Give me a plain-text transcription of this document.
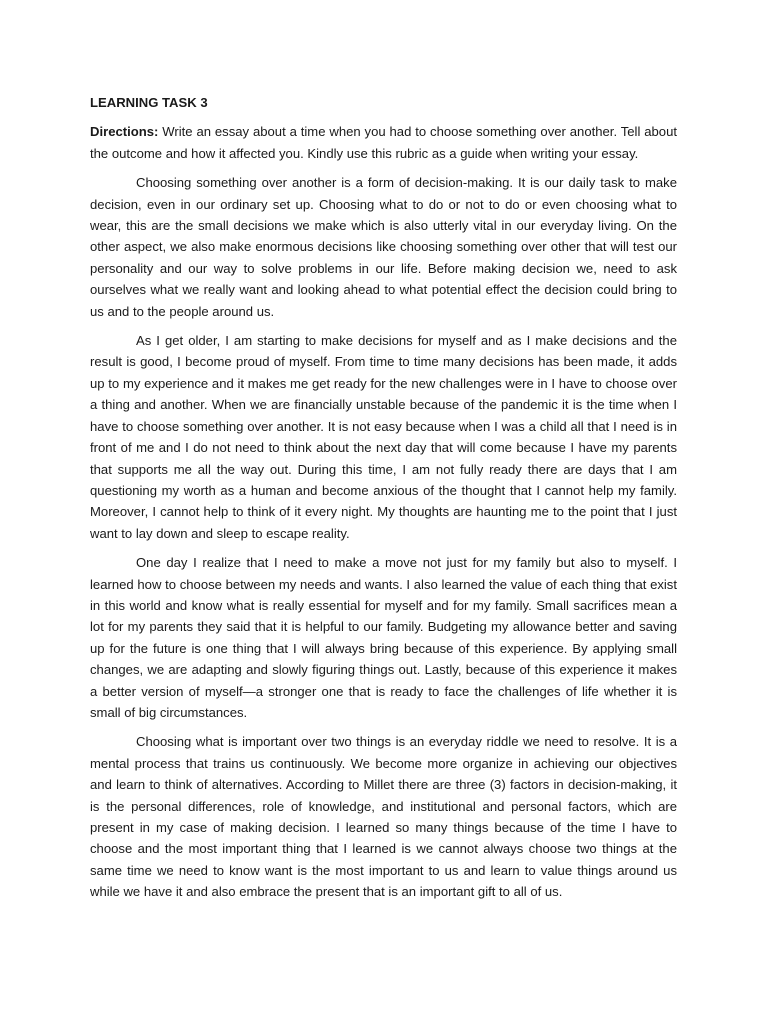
LEARNING TASK 3

Directions: Write an essay about a time when you had to choose something over another. Tell about the outcome and how it affected you. Kindly use this rubric as a guide when writing your essay.

Choosing something over another is a form of decision-making. It is our daily task to make decision, even in our ordinary set up. Choosing what to do or not to do or even choosing what to wear, this are the small decisions we make which is also utterly vital in our everyday living. On the other aspect, we also make enormous decisions like choosing something over other that will test our personality and our way to solve problems in our life. Before making decision we, need to ask ourselves what we really want and looking ahead to what potential effect the decision could bring to us and to the people around us.

As I get older, I am starting to make decisions for myself and as I make decisions and the result is good, I become proud of myself. From time to time many decisions has been made, it adds up to my experience and it makes me get ready for the new challenges were in I have to choose over a thing and another. When we are financially unstable because of the pandemic it is the time when I have to choose something over another. It is not easy because when I was a child all that I need is in front of me and I do not need to think about the next day that will come because I have my parents that supports me all the way out. During this time, I am not fully ready there are days that I am questioning my worth as a human and become anxious of the thought that I cannot help my family. Moreover, I cannot help to think of it every night. My thoughts are haunting me to the point that I just want to lay down and sleep to escape reality.

One day I realize that I need to make a move not just for my family but also to myself. I learned how to choose between my needs and wants. I also learned the value of each thing that exist in this world and know what is really essential for myself and for my family. Small sacrifices mean a lot for my parents they said that it is helpful to our family. Budgeting my allowance better and saving up for the future is one thing that I will always bring because of this experience. By applying small changes, we are adapting and slowly figuring things out. Lastly, because of this experience it makes a better version of myself—a stronger one that is ready to face the challenges of life whether it is small of big circumstances.

Choosing what is important over two things is an everyday riddle we need to resolve. It is a mental process that trains us continuously. We become more organize in achieving our objectives and learn to think of alternatives. According to Millet there are three (3) factors in decision-making, it is the personal differences, role of knowledge, and institutional and personal factors, which are present in my case of making decision. I learned so many things because of the time I have to choose and the most important thing that I learned is we cannot always choose two things at the same time we need to know want is the most important to us and learn to value things around us while we have it and also embrace the present that is an important gift to all of us.
